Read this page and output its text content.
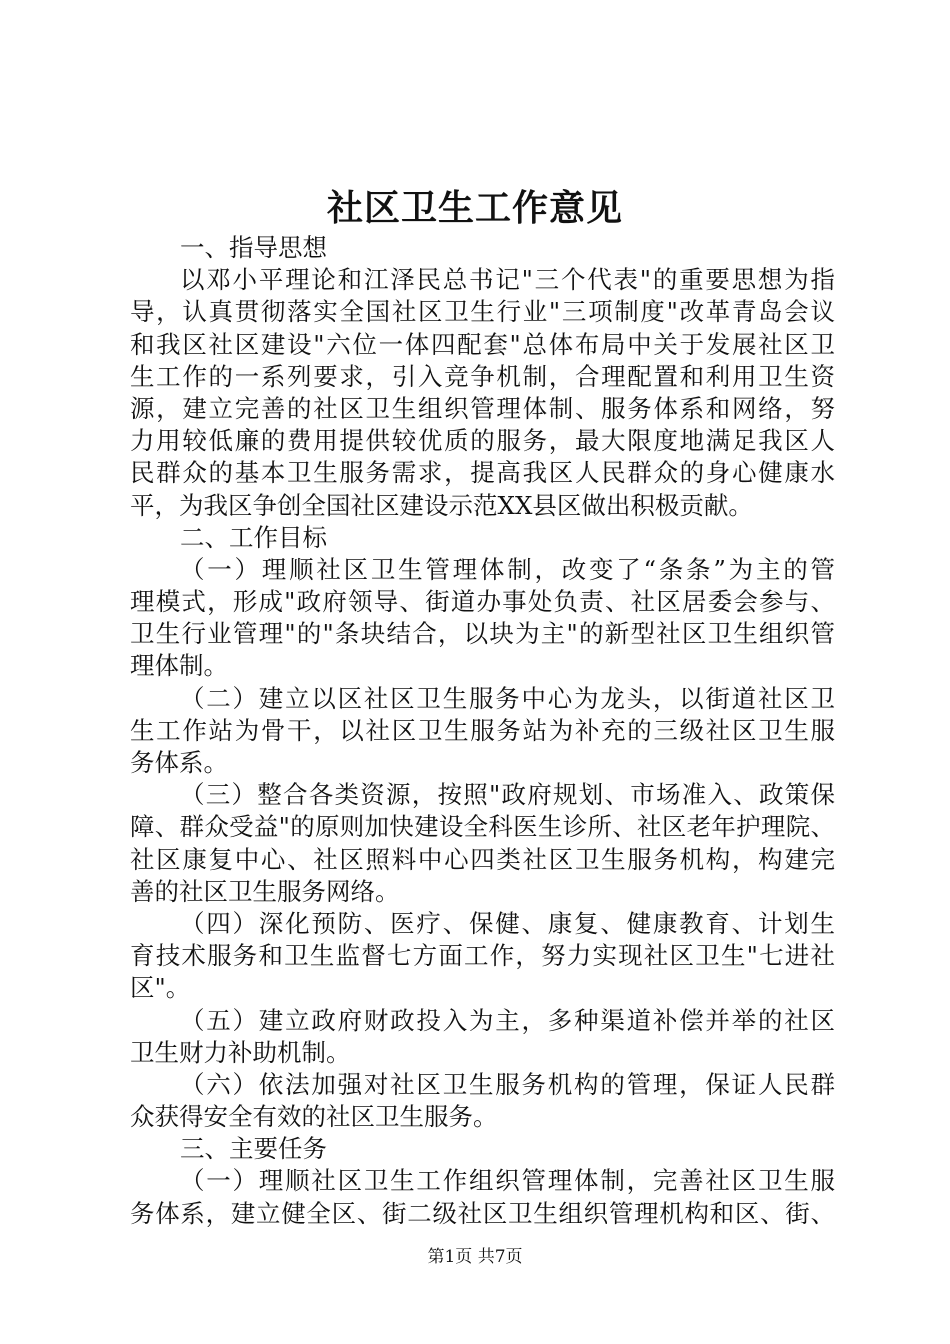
社区卫生工作意见
一、指导思想
以邓小平理论和江泽民总书记"三个代表"的重要思想为指
导，认真贯彻落实全国社区卫生行业"三项制度"改革青岛会议
和我区社区建设"六位一体四配套"总体布局中关于发展社区卫
生工作的一系列要求，引入竞争机制，合理配置和利用卫生资
源，建立完善的社区卫生组织管理体制、服务体系和网络，努
力用较低廉的费用提供较优质的服务，最大限度地满足我区人
民群众的基本卫生服务需求，提高我区人民群众的身心健康水
平，为我区争创全国社区建设示范XX县区做出积极贡献。
二、工作目标
（一）理顺社区卫生管理体制，改变了“条条”为主的管
理模式，形成"政府领导、街道办事处负责、社区居委会参与、
卫生行业管理"的"条块结合，以块为主"的新型社区卫生组织管
理体制。
（二）建立以区社区卫生服务中心为龙头，以街道社区卫
生工作站为骨干，以社区卫生服务站为补充的三级社区卫生服
务体系。
（三）整合各类资源，按照"政府规划、市场准入、政策保
障、群众受益"的原则加快建设全科医生诊所、社区老年护理院、
社区康复中心、社区照料中心四类社区卫生服务机构，构建完
善的社区卫生服务网络。
（四）深化预防、医疗、保健、康复、健康教育、计划生
育技术服务和卫生监督七方面工作，努力实现社区卫生"七进社
区"。
（五）建立政府财政投入为主，多种渠道补偿并举的社区
卫生财力补助机制。
（六）依法加强对社区卫生服务机构的管理，保证人民群
众获得安全有效的社区卫生服务。
三、主要任务
（一）理顺社区卫生工作组织管理体制，完善社区卫生服
务体系，建立健全区、街二级社区卫生组织管理机构和区、街、
第1页 共7页
